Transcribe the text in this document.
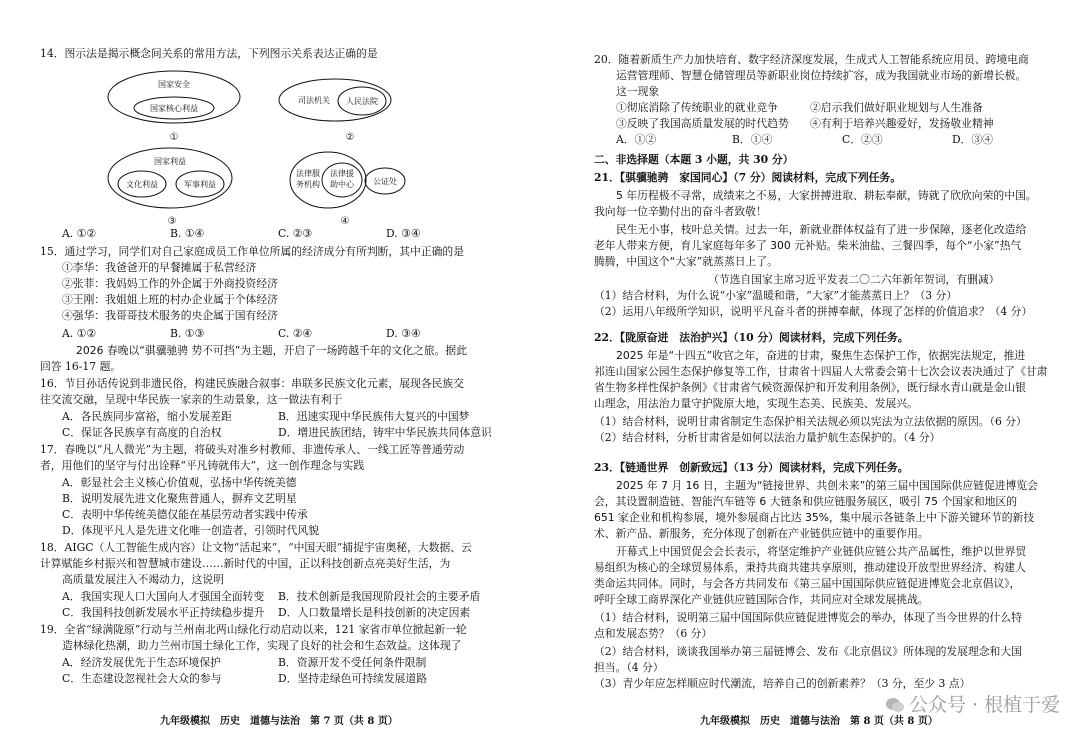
14．图示法是揭示概念间关系的常用方法，下列图示关系表达正确的是
国家安全
国家核心利益
①
司法机关 人民法院
②
国家利益
文化利益	军事利益
③
法律服
务机构
法律援
助中心 公证处
④
A. ①②	B. ①④	C. ②③	D. ③④
15．通过学习，同学们对自己家庭成员工作单位所属的经济成分有所判断，其中正确的是
①李华：我爸爸开的早餐摊属于私营经济
②张菲：我妈妈工作的外企属于外商投资经济
③王刚：我姐姐上班的村办企业属于个体经济
④强华：我哥哥技术服务的央企属于国有经济
A. ①②	B. ①③	C. ②④	D. ③④
2026 春晚以“骐骥驰骋 势不可挡”为主题，开启了一场跨越千年的文化之旅。据此
回答 16-17 题。
16．节目孙话传说到非遗民俗，构建民族融合叙事：串联多民族文化元素，展现各民族交
往交流交融，呈现中华民族一家亲的生动景象，这一做法有利于
A．各民族同步富裕，缩小发展差距	B．迅速实现中华民族伟大复兴的中国梦
C．保证各民族享有高度的自治权	D．增进民族团结，铸牢中华民族共同体意识
17．春晚以“凡人微光”为主题，将破头对准乡村教师、非遗传承人、一线工匠等普通劳动
者，用他们的坚守与付出诠释“平凡铸就伟大”，这一创作理念与实践
A．彰显社会主义核心价值观，弘扬中华传统美德
B．说明发展先进文化聚焦普通人，摒弃文艺明星
C．表明中华传统美德仅能在基层劳动者实践中传承
D．体现平凡人是先进文化唯一创造者，引领时代风貌
18．AIGC（人工智能生成内容）让文物“活起来”，“中国天眼”捕捉宇宙奥秘，大数据、云
计算赋能乡村振兴和智慧城市建设……新时代的中国，正以科技创新点亮美好生活，为
高质量发展注入不竭动力，这说明
A．我国实现人口大国向人才强国全面转变 B．技术创新是我国现阶段社会的主要矛盾
C．我国科技创新发展水平正持续稳步提升 D．人口数量增长是科技创新的决定因素
19．全省“绿满陇原”行动与兰州南北两山绿化行动启动以来，121 家省市单位掀起新一轮
造林绿化热潮，助力兰州市国土绿化工作，实现了良好的社会和生态效益。这体现了
A．经济发展优先于生态环境保护	B．资源开发不受任何条件限制
C．生态建设忽视社会大众的参与	D．坚持走绿色可持续发展道路
九年级模拟　历史　道德与法治　第 7 页（共 8 页）
20．随着新质生产力加快培育、数字经济深度发展，生成式人工智能系统应用员、跨境电商
运营管理师、智慧仓储管理员等新职业岗位持续扩容，成为我国就业市场的新增长极。
这一现象
①彻底消除了传统职业的就业竞争	②启示我们做好职业规划与人生准备
③反映了我国高质量发展的时代趋势 ④有利于培养兴趣爱好，发扬敬业精神
A．①②	B．①④	C．②③	D．③④
二、非选择题（本题 3 小题，共 30 分）
21．【骐骥驰骋　家国同心】（7 分）阅读材料，完成下列任务。
5 年历程极不寻常，成绩来之不易，大家拼搏进取、耕耘奉献，铸就了欣欣向荣的中国。
我向每一位辛勤付出的奋斗者致敬！
民生无小事，枝叶总关情。过去一年，新就业群体权益有了进一步保障，逐老化改造给
老年人带来方便，育儿家庭每年多了 300 元补贴。柴米油盐、三餐四季，每个“小家”热气
腾腾，中国这个“大家”就蒸蒸日上了。
（节选自国家主席习近平发表二〇二六年新年贺词，有删减）
（1）结合材料，为什么说“小家”温暖和谐，“大家”才能蒸蒸日上？（3 分）
（2）运用八年级所学知识，说明平凡奋斗者的拼搏奉献，体现了怎样的价值追求？（4 分）
22．【陇原奋进　法治护兴】（10 分）阅读材料，完成下列任务。
2025 年是“十四五”收官之年，奋进的甘肃，聚焦生态保护工作，依据宪法规定，推进
祁连山国家公园生态保护修复等工作，甘肃省十四届人大常委会第十七次会议表决通过了《甘肃
省生物多样性保护条例》《甘肃省气候资源保护和开发利用条例》，既行绿水青山就是金山银
山理念，用法治力量守护陇原大地，实现生态美、民族美、发展兴。
（1）结合材料，说明甘肃省制定生态保护相关法规必须以宪法为立法依据的原因。（6 分）
（2）结合材料，分析甘肃省是如何以法治力量护航生态保护的。（4 分）
23．【链通世界　创新致远】（13 分）阅读材料，完成下列任务。
2025 年 7 月 16 日，主题为“链接世界、共创未来”的第三届中国国际供应链促进博览会
会，其设置制造链、智能汽车链等 6 大链条和供应链服务展区，吸引 75 个国家和地区的
651 家企业和机构参展，境外参展商占比达 35%，集中展示各链条上中下游关键环节的新技
术、新产品、新服务，充分体现了创新在产业链供应链中的重要作用。
开幕式上中国贸促会会长表示，将坚定维护产业链供应链公共产品属性，维护以世界贸
易组织为核心的全球贸易体系，秉持共商共建共享原则，推动建设开放型世界经济、构建人
类命运共同体。同时，与会各方共同发布《第三届中国国际供应链促进博览会北京倡议》，
呼吁全球工商界深化产业链供应链国际合作，共同应对全球发展挑战。
（1）结合材料，说明第三届中国国际供应链促进博览会的举办，体现了当今世界的什么特
点和发展态势？（6 分）
（2）结合材料，谈谈我国举办第三届链博会、发布《北京倡议》所体现的发展理念和大国
担当。（4 分）
（3）青少年应怎样顺应时代潮流，培养自己的创新素养？（3 分，至少 3 点）
九年级模拟　历史　道德与法治　第 8 页（共 8 页）
公众号 · 根植于爱
